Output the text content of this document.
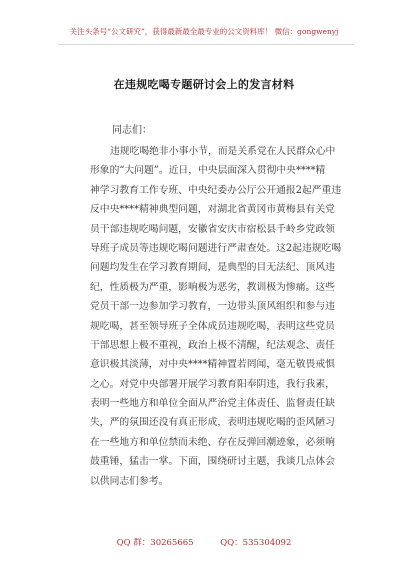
关注头条号“公文研究”，获得最新最全最专业的公文资料库！ 微信：gongwenyj
在违规吃喝专题研讨会上的发言材料
同志们：
违规吃喝绝非小事小节，而是关系党在人民群众心中
形象的“大问题”。近日，中央层面深入贯彻中央****精
神学习教育工作专班、中央纪委办公厅公开通报2起严重违
反中央****精神典型问题，对湖北省黄冈市黄梅县有关党
员干部违规吃喝问题，安徽省安庆市宿松县千岭乡党政领
导班子成员等违规吃喝问题进行严肃查处。这2起违规吃喝
问题均发生在学习教育期间，是典型的目无法纪、顶风违
纪，性质极为严重，影响极为恶劣，教训极为惨痛。这些
党员干部一边参加学习教育，一边带头顶风组织和参与违
规吃喝，甚至领导班子全体成员违规吃喝，表明这些党员
干部思想上极不重视，政治上极不清醒，纪法观念、责任
意识极其淡薄，对中央****精神置若罔闻，毫无敬畏戒惧
之心。对党中央部署开展学习教育阳奉阴违，我行我素，
表明一些地方和单位全面从严治党主体责任、监督责任缺
失，严的氛围还没有真正形成，表明违规吃喝的歪风陋习
在一些地方和单位禁而未绝、存在反弹回潮迹象，必须响
鼓重锤，猛击一掌。下面，围绕研讨主题，我谈几点体会
以供同志们参考。
QQ 群：30265665	QQ：535304092
